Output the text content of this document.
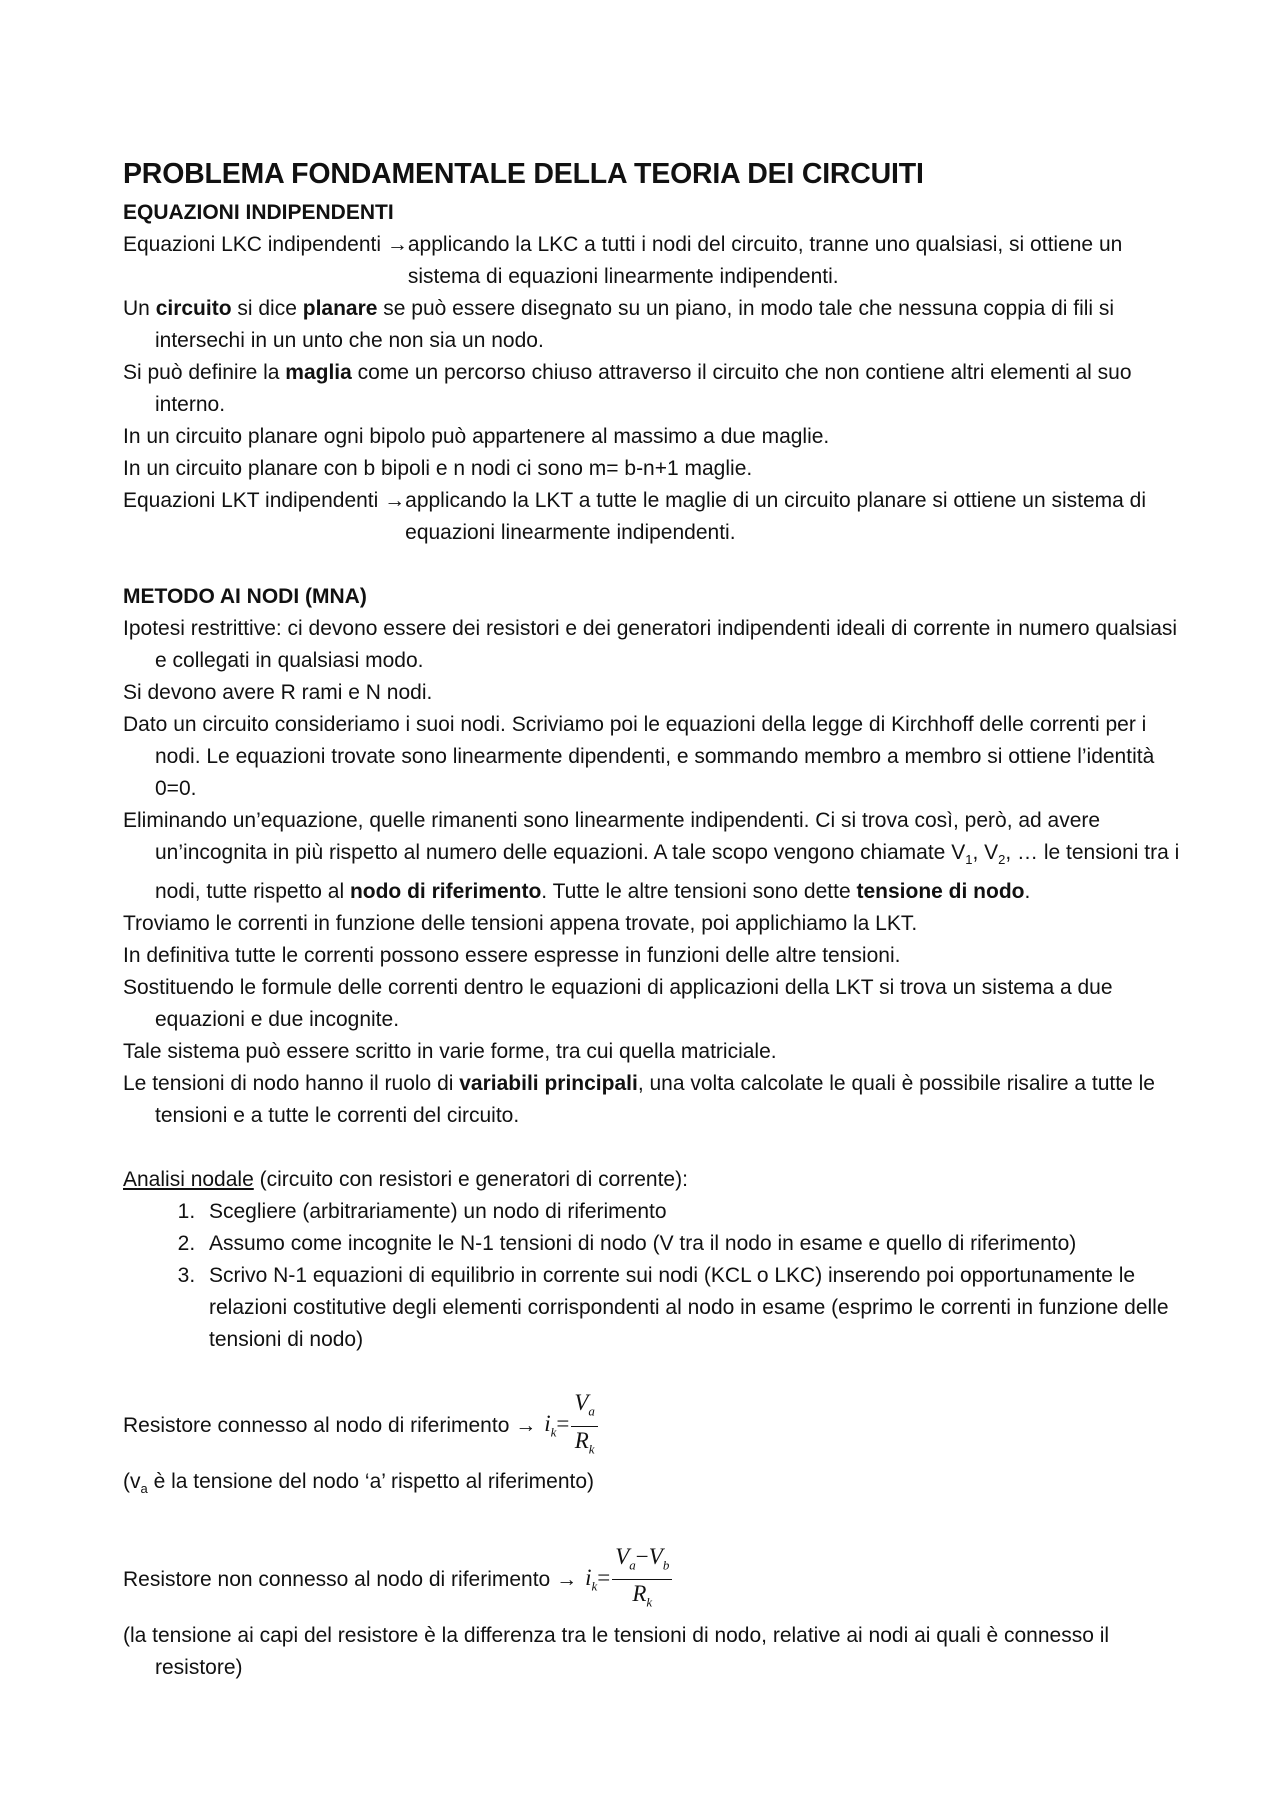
PROBLEMA FONDAMENTALE DELLA TEORIA DEI CIRCUITI
EQUAZIONI INDIPENDENTI
Equazioni LKC indipendenti → applicando la LKC a tutti i nodi del circuito, tranne uno qualsiasi, si ottiene un sistema di equazioni linearmente indipendenti.

Un circuito si dice planare se può essere disegnato su un piano, in modo tale che nessuna coppia di fili si intersechi in un unto che non sia un nodo.

Si può definire la maglia come un percorso chiuso attraverso il circuito che non contiene altri elementi al suo interno.

In un circuito planare ogni bipolo può appartenere al massimo a due maglie.

In un circuito planare con b bipoli e n nodi ci sono m= b-n+1 maglie.

Equazioni LKT indipendenti → applicando la LKT a tutte le maglie di un circuito planare si ottiene un sistema di equazioni linearmente indipendenti.
METODO AI NODI (MNA)

Ipotesi restrittive: ci devono essere dei resistori e dei generatori indipendenti ideali di corrente in numero qualsiasi e collegati in qualsiasi modo.

Si devono avere R rami e N nodi.

Dato un circuito consideriamo i suoi nodi. Scriviamo poi le equazioni della legge di Kirchhoff delle correnti per i nodi. Le equazioni trovate sono linearmente dipendenti, e sommando membro a membro si ottiene l’identità 0=0.

Eliminando un’equazione, quelle rimanenti sono linearmente indipendenti. Ci si trova così, però, ad avere un’incognita in più rispetto al numero delle equazioni. A tale scopo vengono chiamate $V_1$, $V_2$, … le tensioni tra i nodi, tutte rispetto al nodo di riferimento. Tutte le altre tensioni sono dette tensione di nodo.

Troviamo le correnti in funzione delle tensioni appena trovate, poi applichiamo la LKT.

In definitiva tutte le correnti possono essere espresse in funzioni delle altre tensioni.

Sostituendo le formule delle correnti dentro le equazioni di applicazioni della LKT si trova un sistema a due equazioni e due incognite.

Tale sistema può essere scritto in varie forme, tra cui quella matriciale.

Le tensioni di nodo hanno il ruolo di variabili principali, una volta calcolate le quali è possibile risalire a tutte le tensioni e a tutte le correnti del circuito.

Analisi nodale (circuito con resistori e generatori di corrente):

1. Scegliere (arbitrariamente) un nodo di riferimento
2. Assumo come incognite le N-1 tensioni di nodo (V tra il nodo in esame e quello di riferimento)
3. Scrivo N-1 equazioni di equilibrio in corrente sui nodi (KCL o LKC) inserendo poi opportunamente le relazioni costitutive degli elementi corrispondenti al nodo in esame (esprimo le correnti in funzione delle tensioni di nodo)
Resistore connesso al nodo di riferimento → $i_k= \frac{V_a}{R_k}$

($v_a$ è la tensione del nodo ‘a’ rispetto al riferimento)

Resistore non connesso al nodo di riferimento → $i_k= \frac{V_a-V_b}{R_k}$

(la tensione ai capi del resistore è la differenza tra le tensioni di nodo, relative ai nodi ai quali è connesso il resistore)
